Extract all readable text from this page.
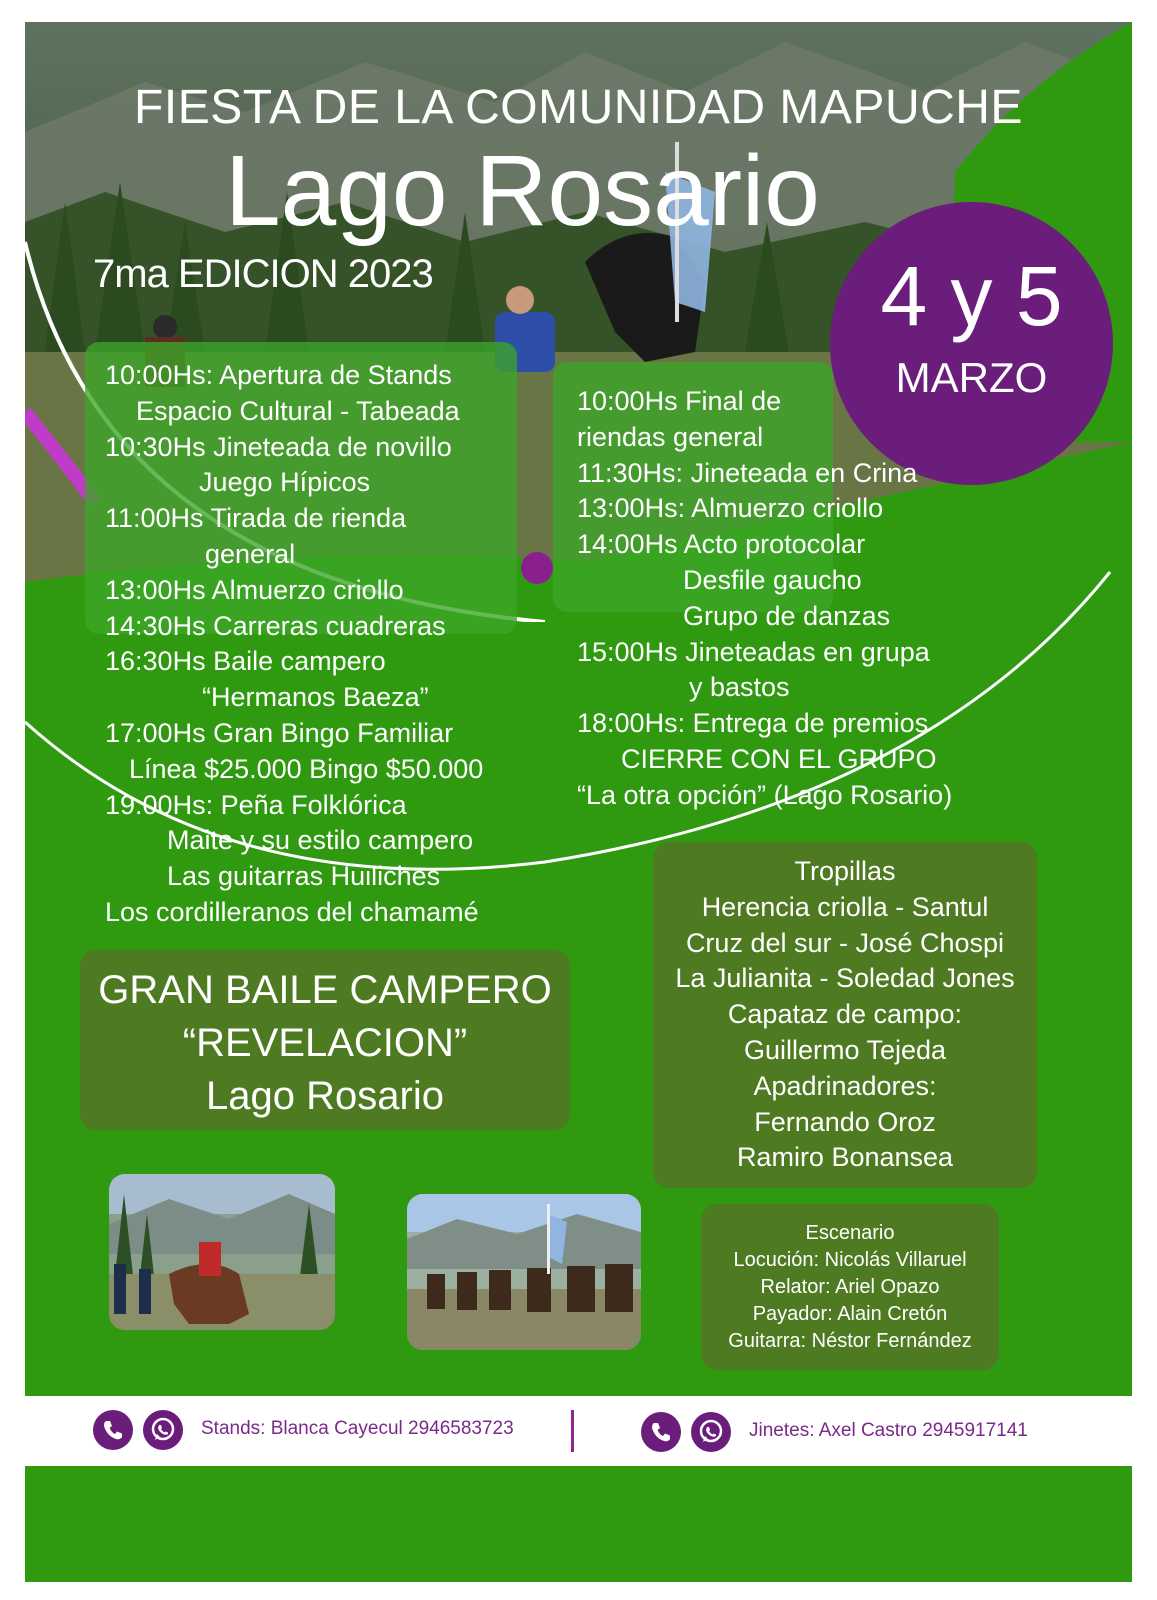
FIESTA DE LA COMUNIDAD MAPUCHE
Lago Rosario
7ma EDICION 2023	4 y 5
MARZO
10:00Hs: Apertura de Stands
Espacio Cultural - Tabeada
10:30Hs Jineteada de novillo
Juego Hípicos
11:00Hs Tirada de rienda
general
13:00Hs Almuerzo criollo
14:30Hs Carreras cuadreras
16:30Hs Baile campero
“Hermanos Baeza”
17:00Hs Gran Bingo Familiar
Línea $25.000 Bingo $50.000
19:00Hs: Peña Folklórica
Maite y su estilo campero
Las guitarras Huiliches
Los cordilleranos del chamamé
10:00Hs Final de
riendas general
11:30Hs: Jineteada en Crina
13:00Hs: Almuerzo criollo
14:00Hs Acto protocolar
Desfile gaucho
Grupo de danzas
15:00Hs Jineteadas en grupa
y bastos
18:00Hs: Entrega de premios
CIERRE CON EL GRUPO
“La otra opción” (Lago Rosario)
GRAN BAILE CAMPERO
“REVELACION”
Lago Rosario
Tropillas
Herencia criolla - Santul
Cruz del sur - José Chospi
La Julianita - Soledad Jones
Capataz de campo:
Guillermo Tejeda
Apadrinadores:
Fernando Oroz
Ramiro Bonansea
Escenario
Locución: Nicolás Villaruel
Relator: Ariel Opazo
Payador: Alain Cretón
Guitarra: Néstor Fernández
Stands: Blanca Cayecul 2946583723	Jinetes: Axel Castro 2945917141
